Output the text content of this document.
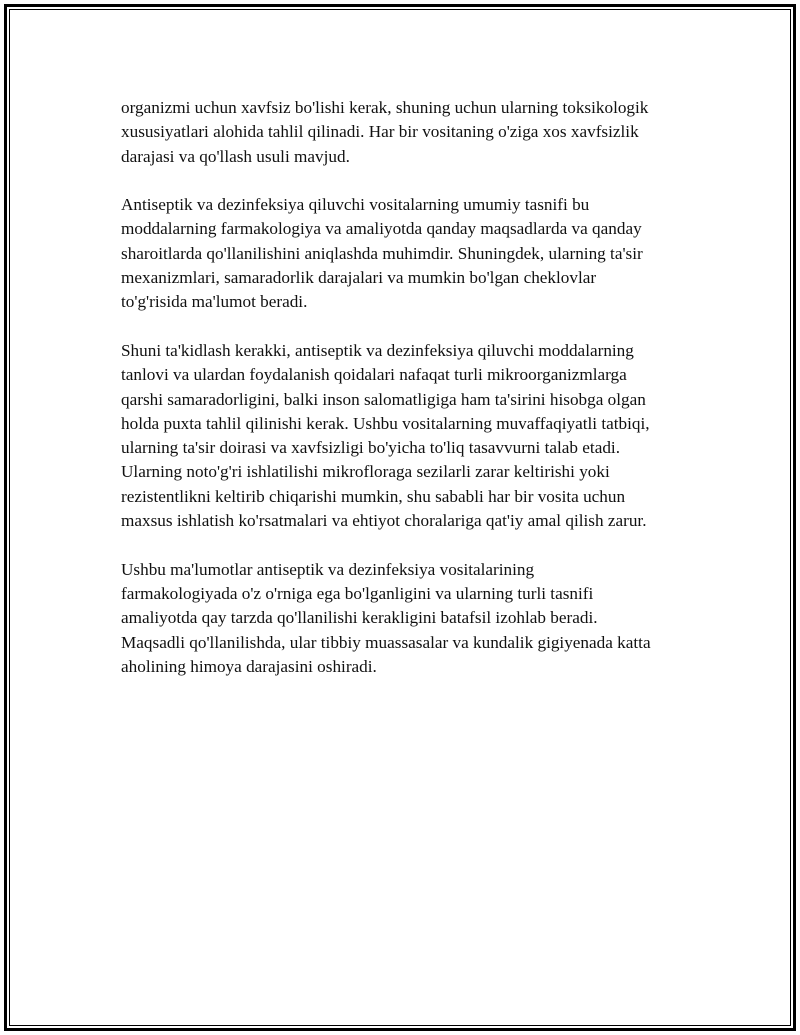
organizmi uchun xavfsiz bo'lishi kerak, shuning uchun ularning toksikologik
xususiyatlari alohida tahlil qilinadi. Har bir vositaning o'ziga xos xavfsizlik
darajasi va qo'llash usuli mavjud.

Antiseptik va dezinfeksiya qiluvchi vositalarning umumiy tasnifi bu
moddalarning farmakologiya va amaliyotda qanday maqsadlarda va qanday
sharoitlarda qo'llanilishini aniqlashda muhimdir. Shuningdek, ularning ta'sir
mexanizmlari, samaradorlik darajalari va mumkin bo'lgan cheklovlar
to'g'risida ma'lumot beradi.

Shuni ta'kidlash kerakki, antiseptik va dezinfeksiya qiluvchi moddalarning
tanlovi va ulardan foydalanish qoidalari nafaqat turli mikroorganizmlarga
qarshi samaradorligini, balki inson salomatligiga ham ta'sirini hisobga olgan
holda puxta tahlil qilinishi kerak. Ushbu vositalarning muvaffaqiyatli tatbiqi,
ularning ta'sir doirasi va xavfsizligi bo'yicha to'liq tasavvurni talab etadi.
Ularning noto'g'ri ishlatilishi mikrofloraga sezilarli zarar keltirishi yoki
rezistentlikni keltirib chiqarishi mumkin, shu sababli har bir vosita uchun
maxsus ishlatish ko'rsatmalari va ehtiyot choralariga qat'iy amal qilish zarur.

Ushbu ma'lumotlar antiseptik va dezinfeksiya vositalarining
farmakologiyada o'z o'rniga ega bo'lganligini va ularning turli tasnifi
amaliyotda qay tarzda qo'llanilishi kerakligini batafsil izohlab beradi.
Maqsadli qo'llanilishda, ular tibbiy muassasalar va kundalik gigiyenada katta
aholining himoya darajasini oshiradi.
